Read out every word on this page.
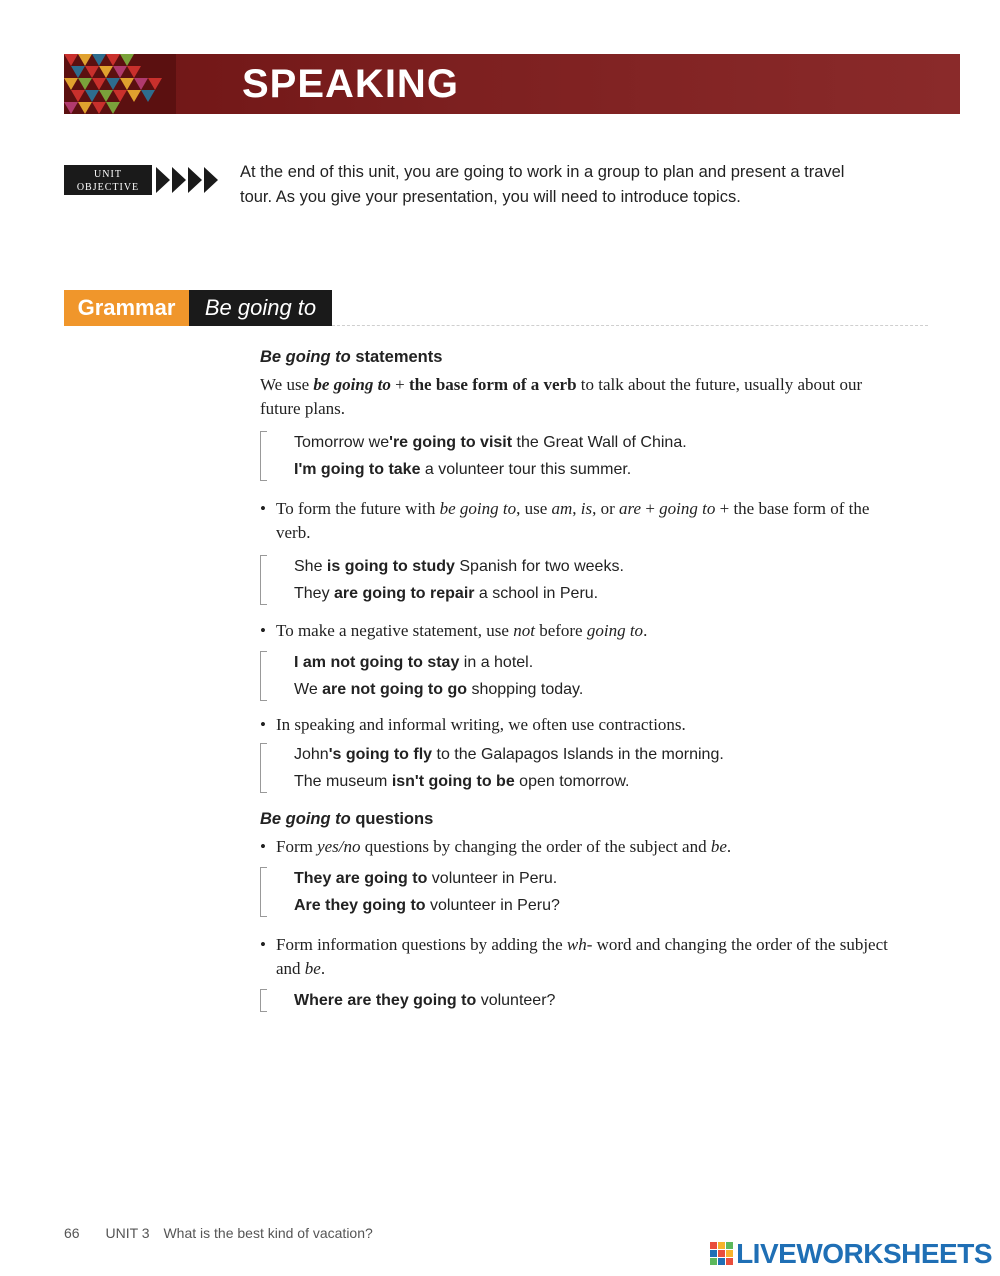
SPEAKING
UNIT
OBJECTIVE
At the end of this unit, you are going to work in a group to plan and present a travel tour. As you give your presentation, you will need to introduce topics.
Grammar	Be going to

Be going to statements

We use be going to + the base form of a verb to talk about the future, usually about our future plans.

Tomorrow we're going to visit the Great Wall of China.

I'm going to take a volunteer tour this summer.

• To form the future with be going to, use am, is, or are + going to + the base form of the verb.

She is going to study Spanish for two weeks.

They are going to repair a school in Peru.

• To make a negative statement, use not before going to.

I am not going to stay in a hotel.

We are not going to go shopping today.

• In speaking and informal writing, we often use contractions.

John's going to fly to the Galapagos Islands in the morning.

The museum isn't going to be open tomorrow.

Be going to questions

• Form yes/no questions by changing the order of the subject and be.

They are going to volunteer in Peru.

Are they going to volunteer in Peru?

• Form information questions by adding the wh- word and changing the order of the subject and be.

Where are they going to volunteer?

66 UNIT 3 What is the best kind of vacation?
LIVEWORKSHEETS
